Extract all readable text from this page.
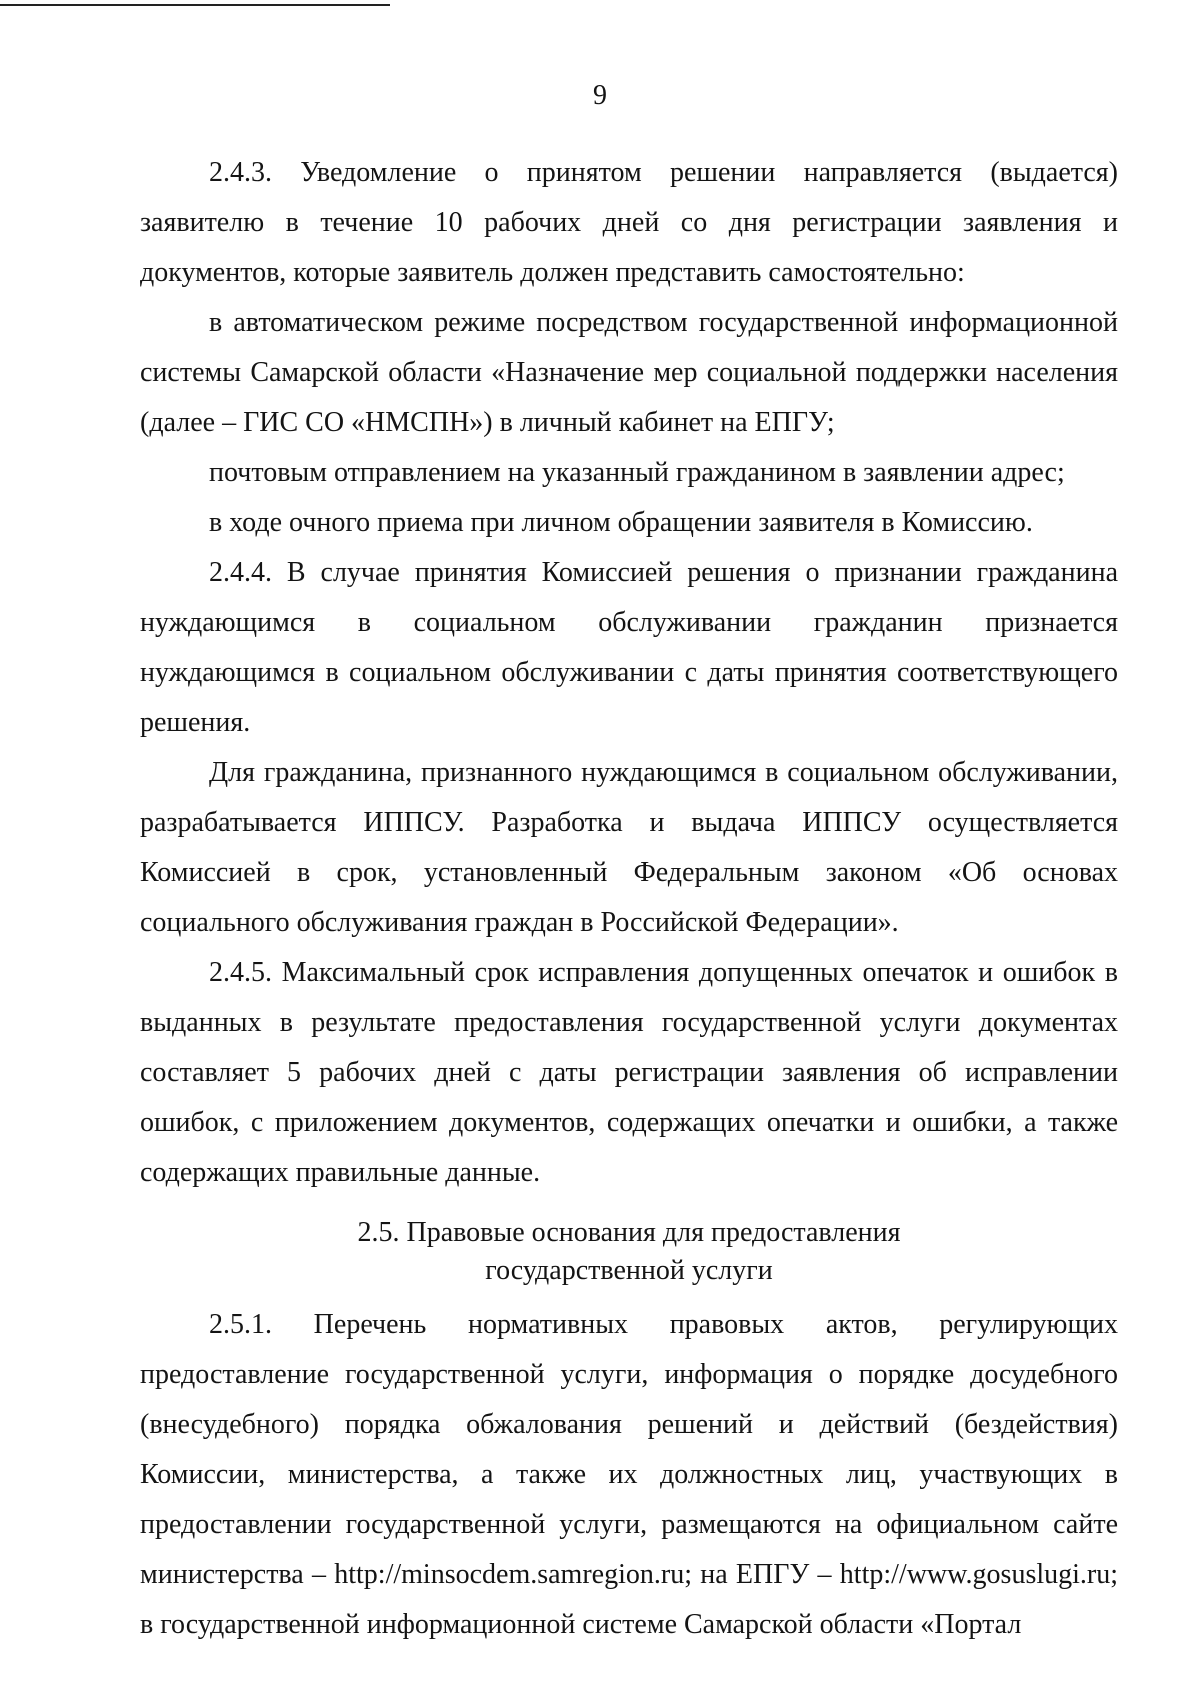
9

2.4.3. Уведомление о принятом решении направляется (выдается) заявителю в течение 10 рабочих дней со дня регистрации заявления и документов, которые заявитель должен представить самостоятельно:

в автоматическом режиме посредством государственной информационной системы Самарской области «Назначение мер социальной поддержки населения (далее – ГИС СО «НМСПН») в личный кабинет на ЕПГУ;

почтовым отправлением на указанный гражданином в заявлении адрес;

в ходе очного приема при личном обращении заявителя в Комиссию.

2.4.4. В случае принятия Комиссией решения о признании гражданина нуждающимся в социальном обслуживании гражданин признается нуждающимся в социальном обслуживании с даты принятия соответствующего решения.

Для гражданина, признанного нуждающимся в социальном обслуживании, разрабатывается ИППСУ. Разработка и выдача ИППСУ осуществляется Комиссией в срок, установленный Федеральным законом «Об основах социального обслуживания граждан в Российской Федерации».

2.4.5. Максимальный срок исправления допущенных опечаток и ошибок в выданных в результате предоставления государственной услуги документах составляет 5 рабочих дней с даты регистрации заявления об исправлении ошибок, с приложением документов, содержащих опечатки и ошибки, а также содержащих правильные данные.

2.5. Правовые основания для предоставления
государственной услуги

2.5.1. Перечень нормативных правовых актов, регулирующих предоставление государственной услуги, информация о порядке досудебного (внесудебного) порядка обжалования решений и действий (бездействия) Комиссии, министерства, а также их должностных лиц, участвующих в предоставлении государственной услуги, размещаются на официальном сайте министерства – http://minsocdem.samregion.ru; на ЕПГУ – http://www.gosuslugi.ru; в государственной информационной системе Самарской области «Портал
